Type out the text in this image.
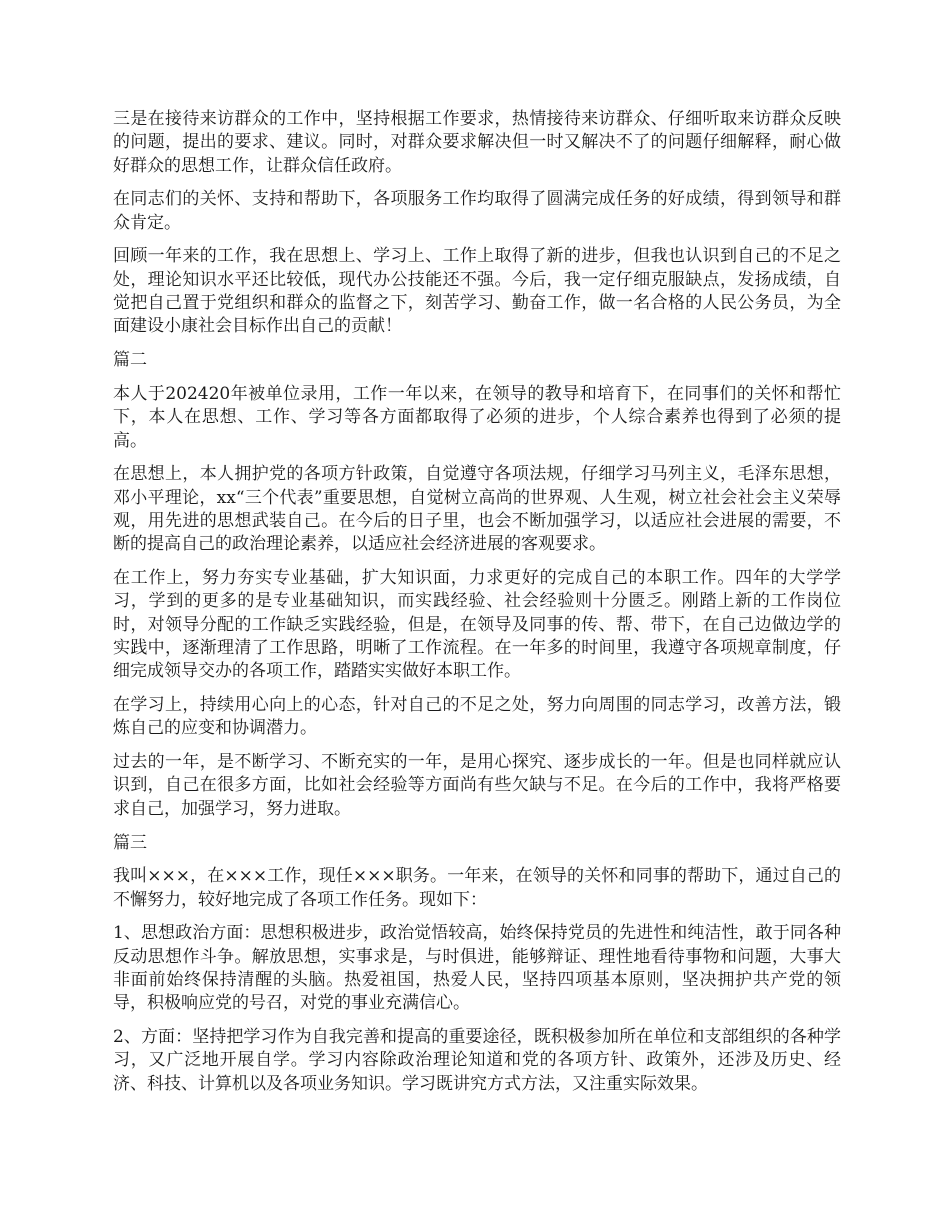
三是在接待来访群众的工作中，坚持根据工作要求，热情接待来访群众、仔细听取来访群众反映的问题，提出的要求、建议。同时，对群众要求解决但一时又解决不了的问题仔细解释，耐心做好群众的思想工作，让群众信任政府。

在同志们的关怀、支持和帮助下，各项服务工作均取得了圆满完成任务的好成绩，得到领导和群众肯定。

回顾一年来的工作，我在思想上、学习上、工作上取得了新的进步，但我也认识到自己的不足之处，理论知识水平还比较低，现代办公技能还不强。今后，我一定仔细克服缺点，发扬成绩，自觉把自己置于党组织和群众的监督之下，刻苦学习、勤奋工作，做一名合格的人民公务员，为全面建设小康社会目标作出自己的贡献！

篇二

本人于202420年被单位录用，工作一年以来，在领导的教导和培育下，在同事们的关怀和帮忙下，本人在思想、工作、学习等各方面都取得了必须的进步，个人综合素养也得到了必须的提高。

在思想上，本人拥护党的各项方针政策，自觉遵守各项法规，仔细学习马列主义，毛泽东思想，邓小平理论，xx“三个代表”重要思想，自觉树立高尚的世界观、人生观，树立社会社会主义荣辱观，用先进的思想武装自己。在今后的日子里，也会不断加强学习，以适应社会进展的需要，不断的提高自己的政治理论素养，以适应社会经济进展的客观要求。

在工作上，努力夯实专业基础，扩大知识面，力求更好的完成自己的本职工作。四年的大学学习，学到的更多的是专业基础知识，而实践经验、社会经验则十分匮乏。刚踏上新的工作岗位时，对领导分配的工作缺乏实践经验，但是，在领导及同事的传、帮、带下，在自己边做边学的实践中，逐渐理清了工作思路，明晰了工作流程。在一年多的时间里，我遵守各项规章制度，仔细完成领导交办的各项工作，踏踏实实做好本职工作。

在学习上，持续用心向上的心态，针对自己的不足之处，努力向周围的同志学习，改善方法，锻炼自己的应变和协调潜力。

过去的一年，是不断学习、不断充实的一年，是用心探究、逐步成长的一年。但是也同样就应认识到，自己在很多方面，比如社会经验等方面尚有些欠缺与不足。在今后的工作中，我将严格要求自己，加强学习，努力进取。

篇三

我叫×××，在×××工作，现任×××职务。一年来，在领导的关怀和同事的帮助下，通过自己的不懈努力，较好地完成了各项工作任务。现如下：

1、思想政治方面：思想积极进步，政治觉悟较高，始终保持党员的先进性和纯洁性，敢于同各种反动思想作斗争。解放思想，实事求是，与时俱进，能够辩证、理性地看待事物和问题，大事大非面前始终保持清醒的头脑。热爱祖国，热爱人民，坚持四项基本原则，坚决拥护共产党的领导，积极响应党的号召，对党的事业充满信心。

2、方面：坚持把学习作为自我完善和提高的重要途径，既积极参加所在单位和支部组织的各种学习，又广泛地开展自学。学习内容除政治理论知道和党的各项方针、政策外，还涉及历史、经济、科技、计算机以及各项业务知识。学习既讲究方式方法，又注重实际效果。
